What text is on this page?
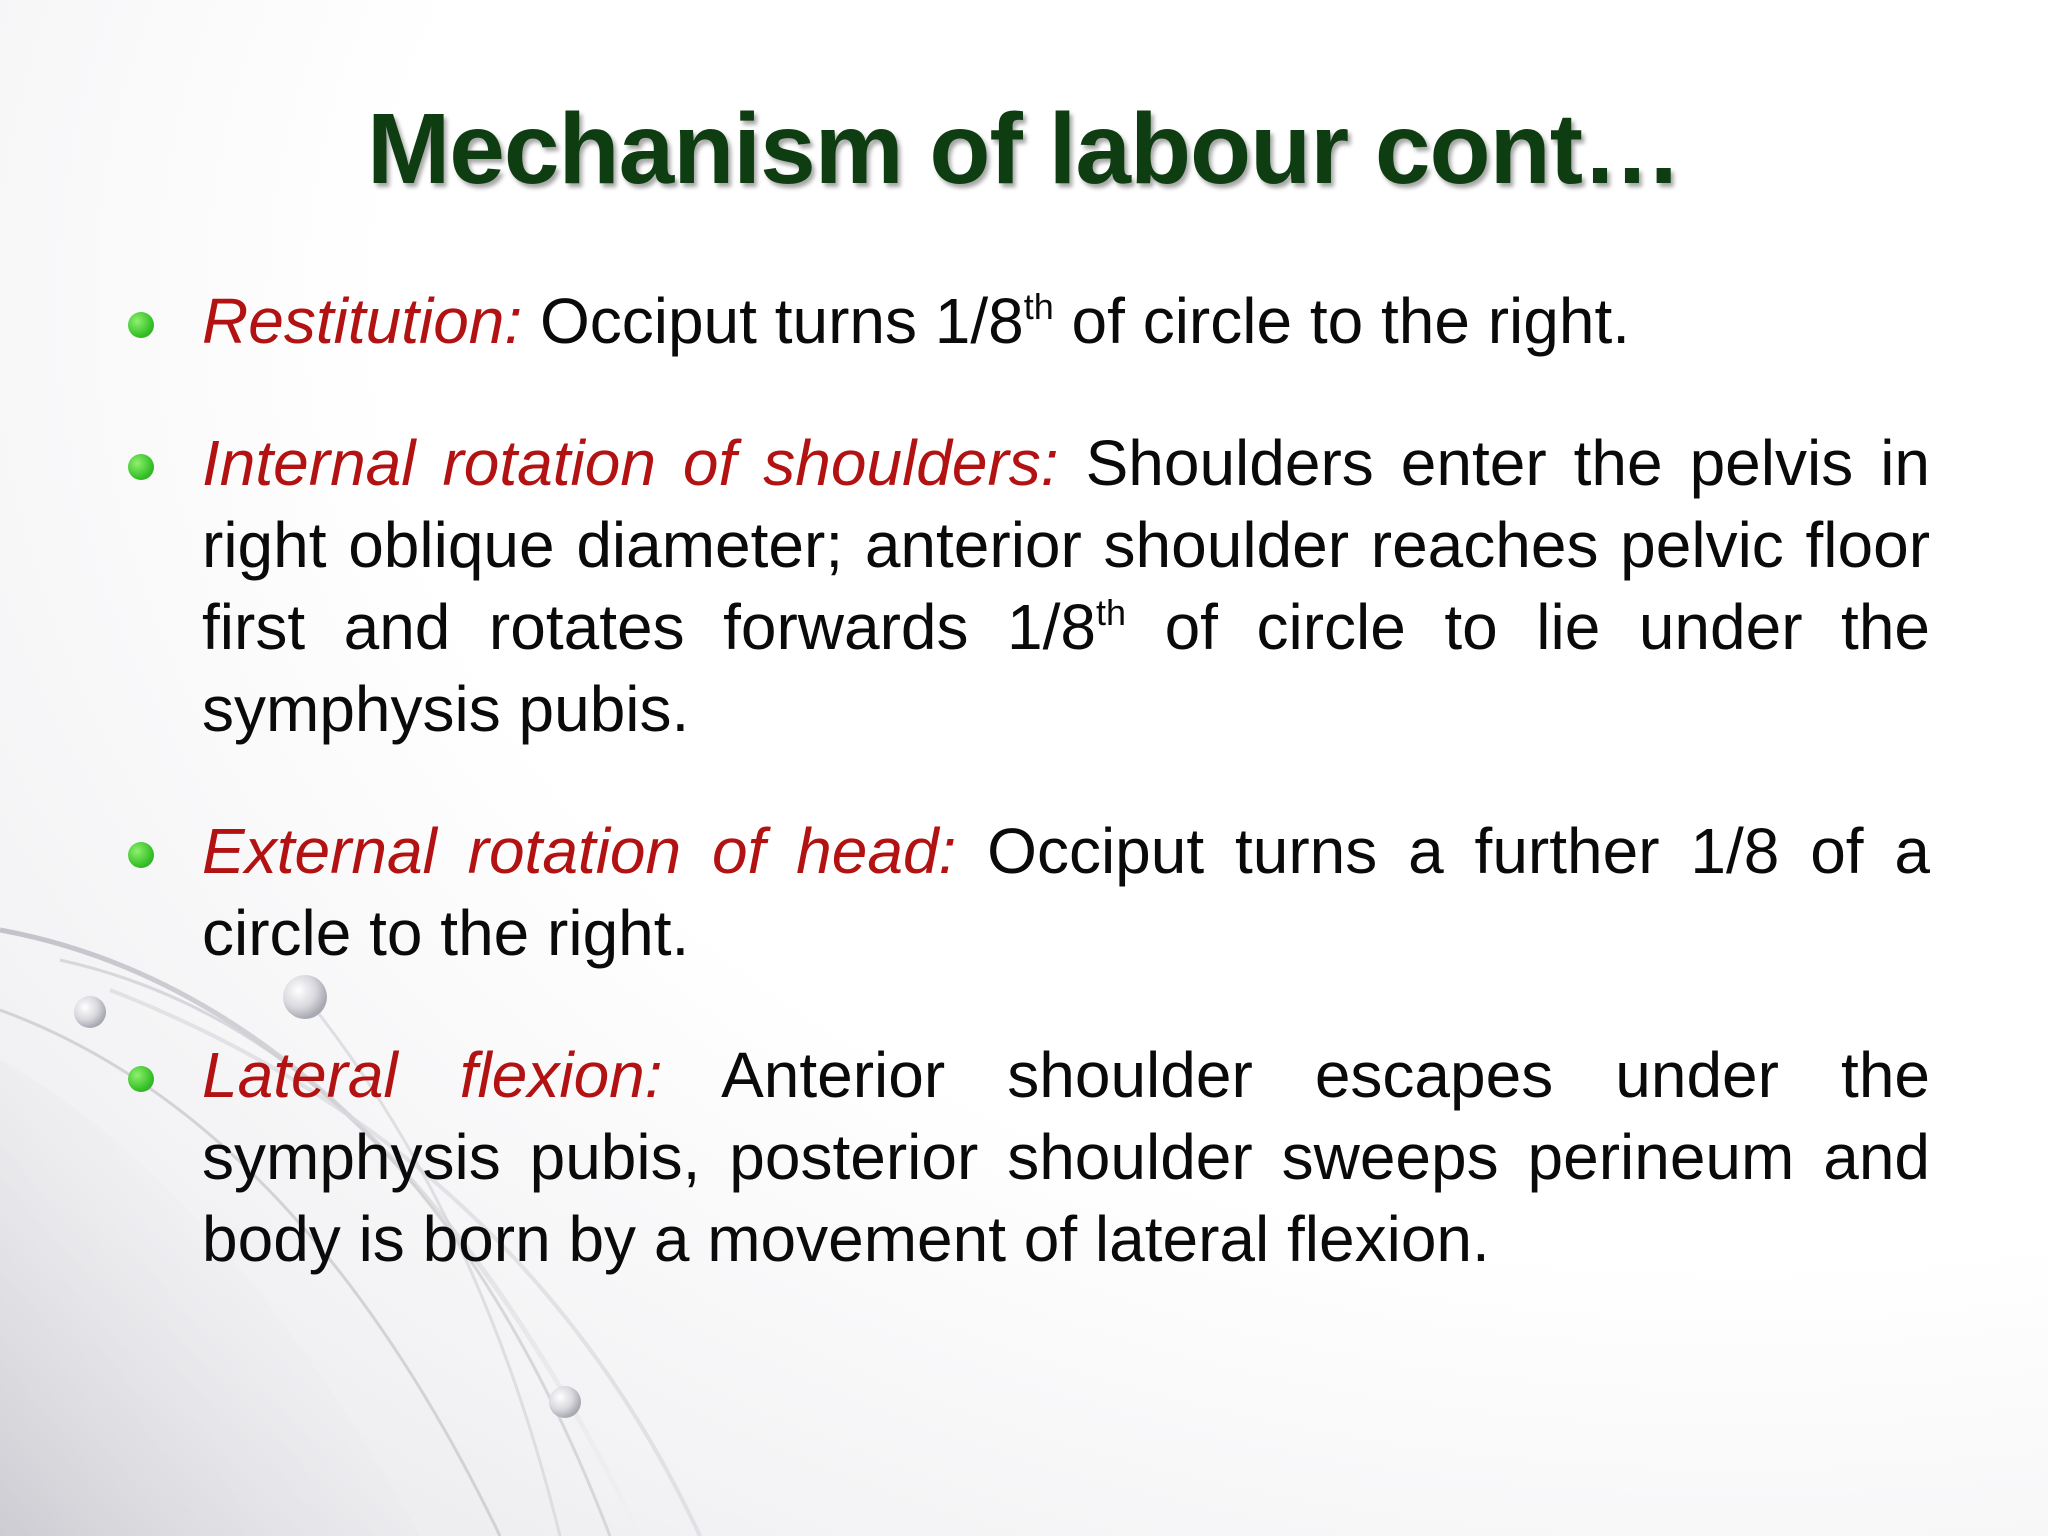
Mechanism of labour cont…
Restitution: Occiput turns 1/8th of circle to the right.
Internal rotation of shoulders: Shoulders enter the pelvis in right oblique diameter; anterior shoulder reaches pelvic floor first and rotates forwards 1/8th of circle to lie under the symphysis pubis.
External rotation of head: Occiput turns a further 1/8 of a circle to the right.
Lateral flexion: Anterior shoulder escapes under the symphysis pubis, posterior shoulder sweeps perineum and body is born by a movement of lateral flexion.
